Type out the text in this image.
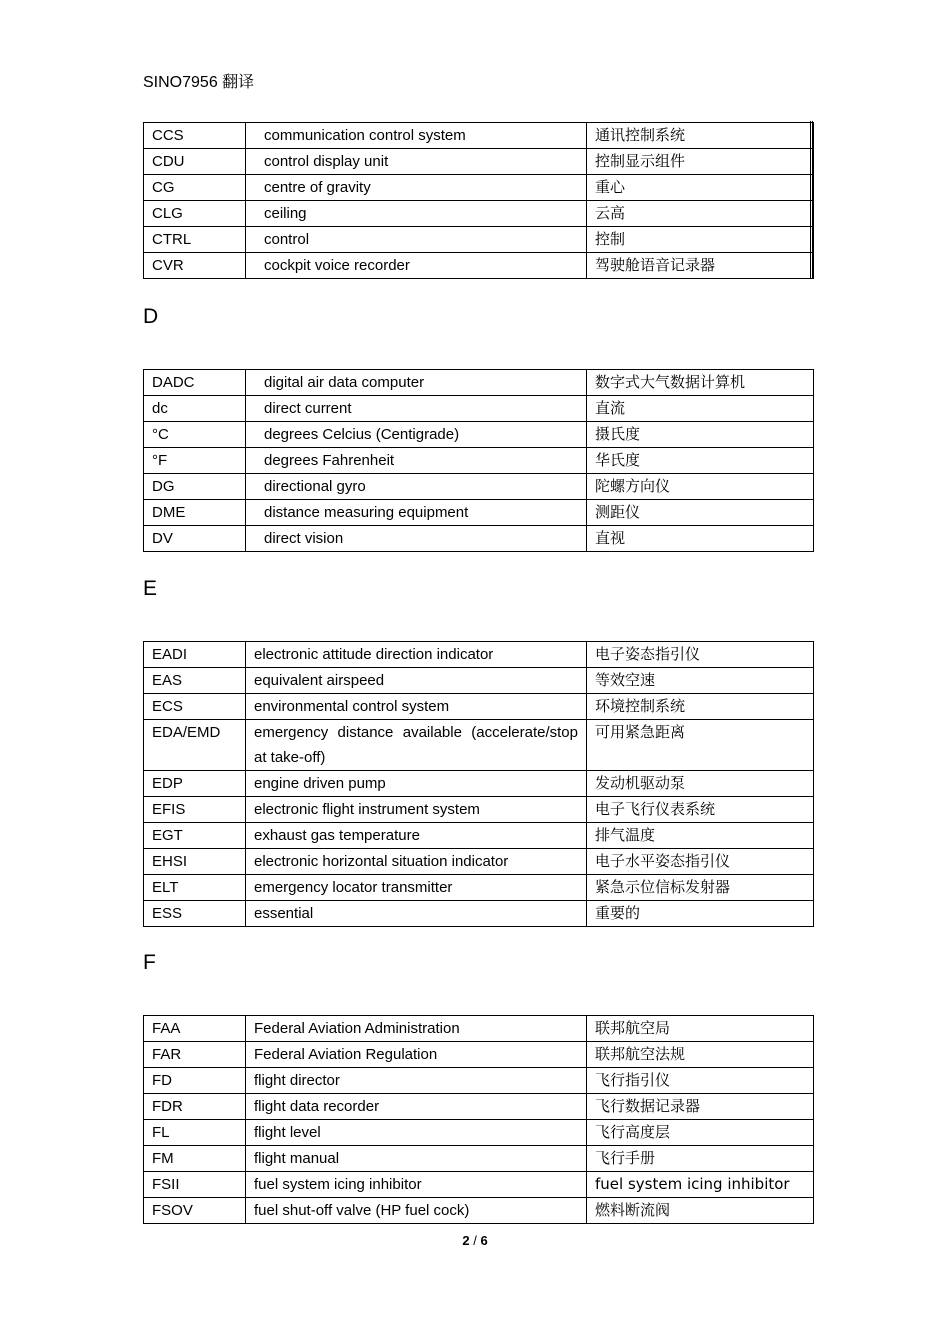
SINO7956 翻译
CCS	communication control system	通讯控制系统
CDU	control display unit	控制显示组件
CG	centre of gravity	重心
CLG	ceiling	云高
CTRL	control	控制
CVR	cockpit voice recorder	驾驶舱语音记录器

D
DADC	digital air data computer	数字式大气数据计算机
dc	direct current	直流
°C	degrees Celcius (Centigrade)	摄氏度
°F	degrees Fahrenheit	华氏度
DG	directional gyro	陀螺方向仪
DME	distance measuring equipment	测距仪
DV	direct vision	直视
E
EADI	electronic attitude direction indicator	电子姿态指引仪
EAS	equivalent airspeed	等效空速
ECS	environmental control system	环境控制系统
EDA/EMD	emergency distance available (accelerate/stop at take-off)	可用紧急距离
EDP	engine driven pump	发动机驱动泵
EFIS	electronic flight instrument system	电子飞行仪表系统
EGT	exhaust gas temperature	排气温度
EHSI	electronic horizontal situation indicator	电子水平姿态指引仪
ELT	emergency locator transmitter	紧急示位信标发射器
ESS	essential	重要的
F
FAA	Federal Aviation Administration	联邦航空局
FAR	Federal Aviation Regulation	联邦航空法规
FD	flight director	飞行指引仪
FDR	flight data recorder	飞行数据记录器
FL	flight level	飞行高度层
FM	flight manual	飞行手册
FSII	fuel system icing inhibitor	fuel system icing inhibitor
FSOV	fuel shut-off valve (HP fuel cock)	燃料断流阀
2 / 6
